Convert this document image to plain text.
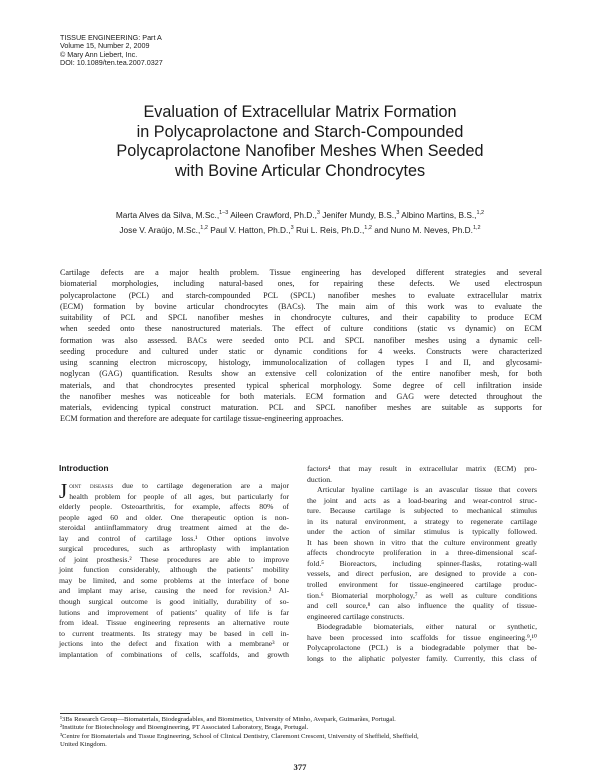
TISSUE ENGINEERING: Part A
Volume 15, Number 2, 2009
© Mary Ann Liebert, Inc.
DOI: 10.1089/ten.tea.2007.0327
Evaluation of Extracellular Matrix Formation
in Polycaprolactone and Starch-Compounded
Polycaprolactone Nanofiber Meshes When Seeded
with Bovine Articular Chondrocytes
Marta Alves da Silva, M.Sc.,$^{1-3}$ Aileen Crawford, Ph.D.,$^3$ Jenifer Mundy, B.S.,$^3$ Albino Martins, B.S.,$^{1,2}$
Jose V. Araújo, M.Sc.,$^{1,2}$ Paul V. Hatton, Ph.D.,$^3$ Rui L. Reis, Ph.D.,$^{1,2}$ and Nuno M. Neves, Ph.D.$^{1,2}$
Cartilage defects are a major health problem. Tissue engineering has developed different strategies and several
biomaterial morphologies, including natural-based ones, for repairing these defects. We used electrospun
polycaprolactone (PCL) and starch-compounded PCL (SPCL) nanofiber meshes to evaluate extracellular matrix
(ECM) formation by bovine articular chondrocytes (BACs). The main aim of this work was to evaluate the
suitability of PCL and SPCL nanofiber meshes in chondrocyte cultures, and their capability to produce ECM
when seeded onto these nanostructured materials. The effect of culture conditions (static vs dynamic) on ECM
formation was also assessed. BACs were seeded onto PCL and SPCL nanofiber meshes using a dynamic cell-
seeding procedure and cultured under static or dynamic conditions for 4 weeks. Constructs were characterized
using scanning electron microscopy, histology, immunolocalization of collagen types I and II, and glycosami-
noglycan (GAG) quantification. Results show an extensive cell colonization of the entire nanofiber mesh, for both
materials, and that chondrocytes presented typical spherical morphology. Some degree of cell infiltration inside
the nanofiber meshes was noticeable for both materials. ECM formation and GAG were detected throughout the
materials, evidencing typical construct maturation. PCL and SPCL nanofiber meshes are suitable as supports for
ECM formation and therefore are adequate for cartilage tissue-engineering approaches.
Introduction
J oint diseases due to cartilage degeneration are a major
health problem for people of all ages, but particularly for
elderly people. Osteoarthritis, for example, affects 80% of
people aged 60 and older. One therapeutic option is non-
steroidal antiinflammatory drug treatment aimed at the de-
lay and control of cartilage loss.¹ Other options involve
surgical procedures, such as arthroplasty with implantation
of joint prosthesis.² These procedures are able to improve
joint function considerably, although the patients’ mobility
may be limited, and some problems at the interface of bone
and implant may arise, causing the need for revision.² Al-
though surgical outcome is good initially, durability of so-
lutions and improvement of patients’ quality of life is far
from ideal. Tissue engineering represents an alternative route
to current treatments. Its strategy may be based in cell in-
jections into the defect and fixation with a membrane³ or
implantation of combinations of cells, scaffolds, and growth
factors⁴ that may result in extracellular matrix (ECM) pro-
duction.
Articular hyaline cartilage is an avascular tissue that covers
the joint and acts as a load-bearing and wear-control struc-
ture. Because cartilage is subjected to mechanical stimulus
in its natural environment, a strategy to regenerate cartilage
under the action of similar stimulus is typically followed.
It has been shown in vitro that the culture environment greatly
affects chondrocyte proliferation in a three-dimensional scaf-
fold.⁵ Bioreactors, including spinner-flasks, rotating-wall
vessels, and direct perfusion, are designed to provide a con-
trolled environment for tissue-engineered cartilage produc-
tion.⁶ Biomaterial morphology,⁷ as well as culture conditions
and cell source,⁸ can also influence the quality of tissue-
engineered cartilage constructs.
Biodegradable biomaterials, either natural or synthetic,
have been processed into scaffolds for tissue engineering.⁹,¹⁰
Polycaprolactone (PCL) is a biodegradable polymer that be-
longs to the aliphatic polyester family. Currently, this class of
¹3Bs Research Group—Biomaterials, Biodegradables, and Biomimetics, University of Minho, Avepark, Guimarães, Portugal.
²Institute for Biotechnology and Bioengineering, PT Associated Laboratory, Braga, Portugal.
³Centre for Biomaterials and Tissue Engineering, School of Clinical Dentistry, Claremont Crescent, University of Sheffield, Sheffield,
United Kingdom.
377
